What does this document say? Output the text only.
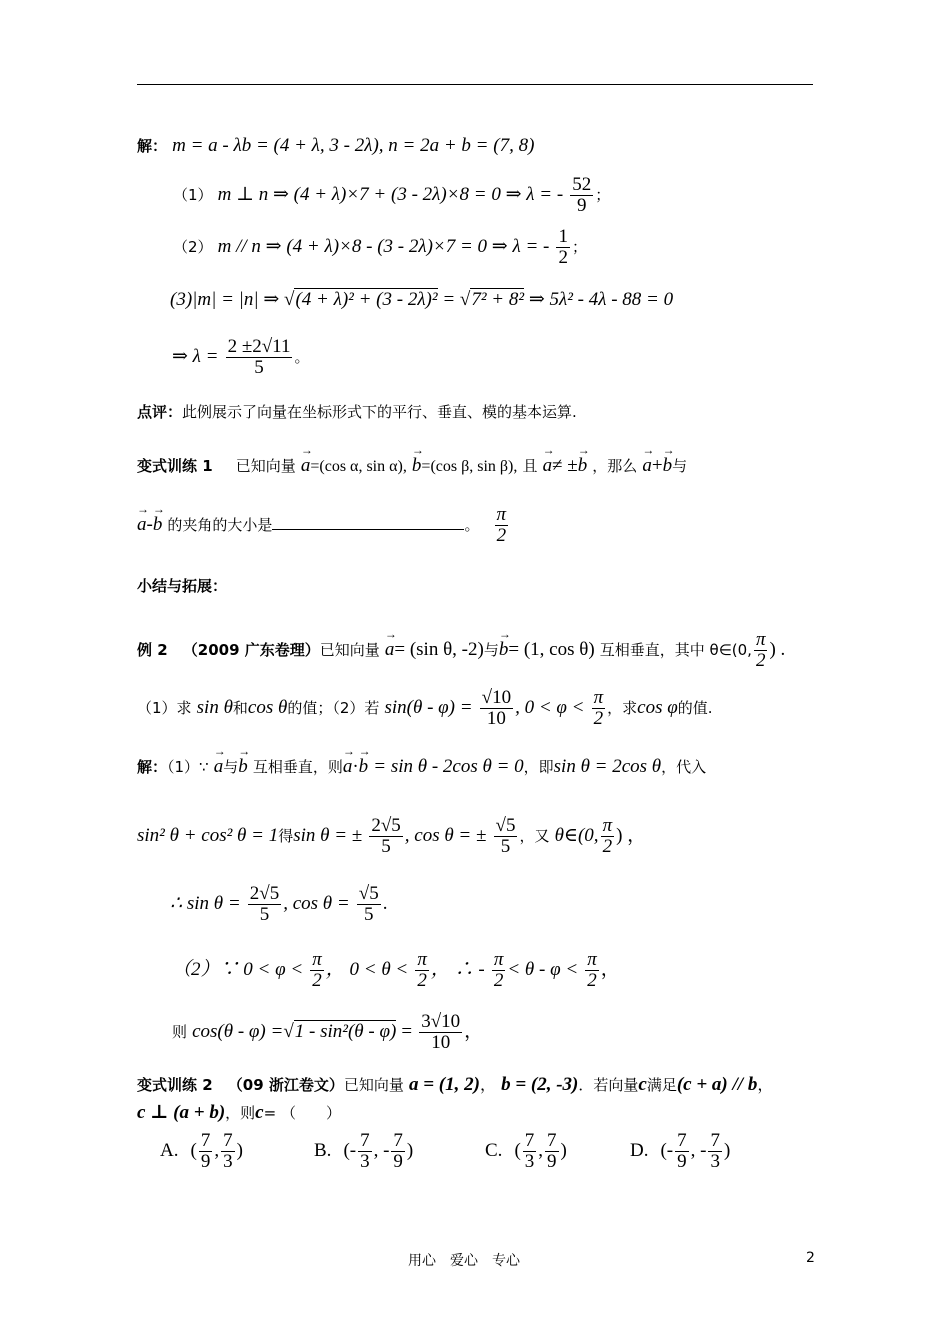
解： m = a - λb = (4 + λ, 3 - 2λ), n = 2a + b = (7, 8)
（1） m ⊥ n ⇒ (4 + λ)×7 + (3 - 2λ)×8 = 0 ⇒ λ = - $\frac{52}{9}$ ；
（2） m // n ⇒ (4 + λ)×8 - (3 - 2λ)×7 = 0 ⇒ λ = - $\frac{1}{2}$ ；
(3)|m| = |n| ⇒ √(4 + λ)² + (3 - 2λ)² = √7² + 8² ⇒ 5λ² - 4λ - 88 = 0
⇒ $\lambda = \frac{2 \pm 2√11}{5}$ 。
点评：此例展示了向量在坐标形式下的平行、垂直、模的基本运算.
变式训练 1 已知向量 → a=(cos α, sin α), → b=(cos β, sin β), 且 → a≠ ±→ b ，那么 → a+→ b与
→ a-→ b 的夹角的大小是	。 $\frac{\pi}{2}$
小结与拓展：
例 2 （2009 广东卷理）已知向量 → a= (sin θ, -2)与→ b= (1, cos θ) 互相垂直，其中 θ∈(0, $\frac{\pi}{2}$ ) .
（1）求 sin θ和cos θ的值；（2）若 $\sin(\theta - \varphi) = \frac{√10}{10}$ , $0 < \varphi < \frac{\pi}{2}$ ，求cos φ的值.
解：（1）∵ → a与→ b 互相垂直，则→ a·→ b = sin θ - 2cos θ = 0，即sin θ = 2cos θ，代入
sin² θ + cos² θ = 1得sin θ = ± $\frac{2√5}{5}$ , cos θ = ± $\frac{√5}{5}$ ，又 θ∈(0, $\frac{\pi}{2}$ ) ，
∴ $\sin \theta = \frac{2√5}{5}$ , $\cos \theta = \frac{√5}{5}$ .
（2）∵ $0 < \varphi < \frac{\pi}{2}$ ， $0 < \theta < \frac{\pi}{2}$ ， ∴ - $\frac{\pi}{2} < \theta - \varphi < \frac{\pi}{2}$ ，
则 $\cos(\theta - \varphi) =√1 - \sin^2(\theta - \varphi) = \frac{3√10}{10}$ ，
变式训练 2 （09 浙江卷文）已知向量 a = (1, 2)， b = (2, -3)．若向量c满足(c + a) // b，
c ⊥ (a + b)，则c= （　　）
A. ( $\frac{7}{9}$ , $\frac{7}{3}$ )	B. (- $\frac{7}{3}$ , - $\frac{7}{9}$ )	C. ( $\frac{7}{3}$ , $\frac{7}{9}$ )	D. (- $\frac{7}{9}$ , - $\frac{7}{3}$ )
用心　爱心　专心	2
